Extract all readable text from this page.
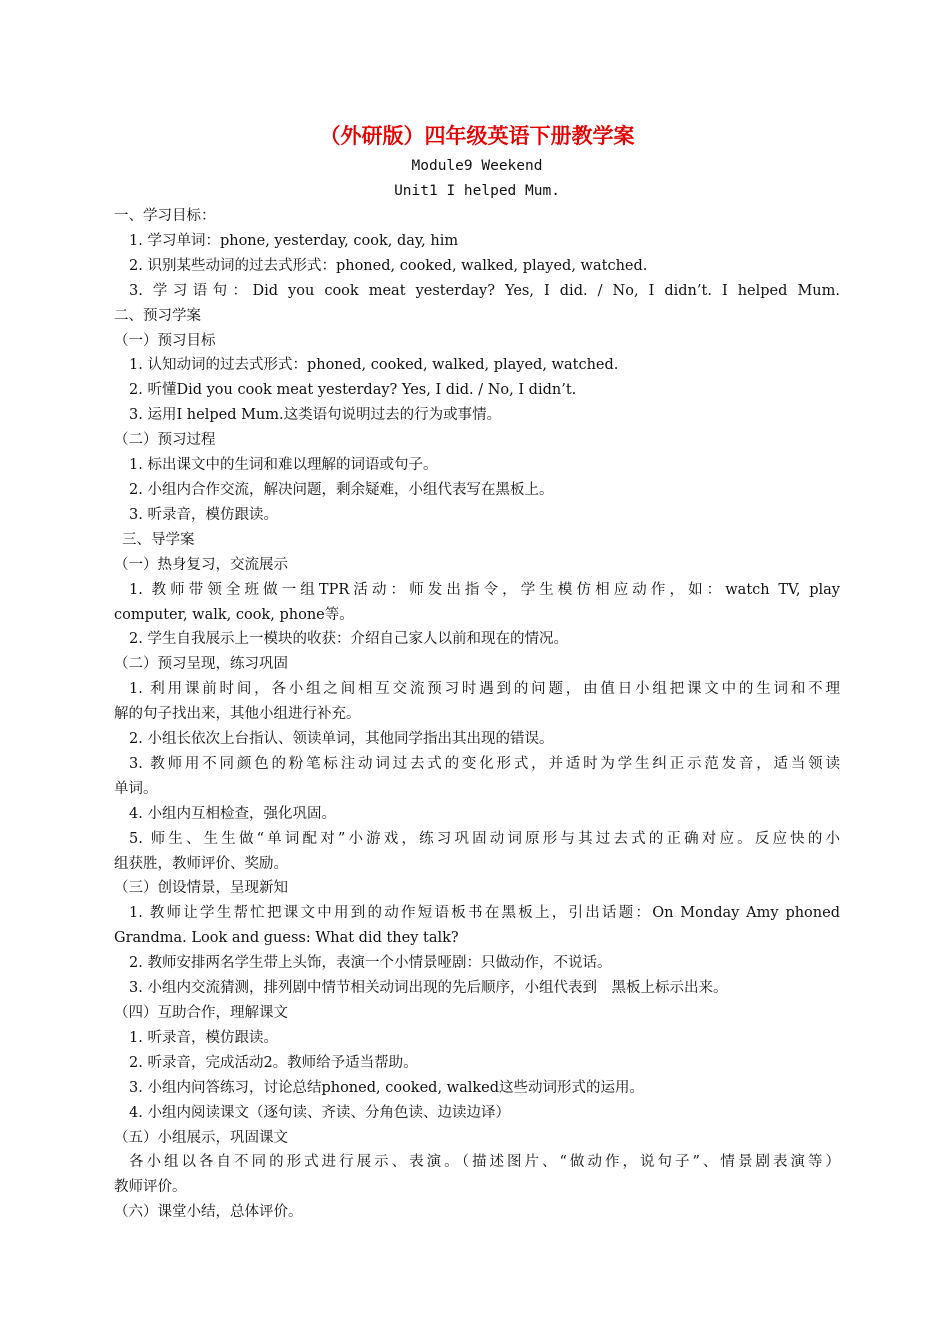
（外研版）四年级英语下册教学案
Module9 Weekend
Unit1 I helped Mum.
一、学习目标：
1. 学习单词：phone, yesterday, cook, day, him
2. 识别某些动词的过去式形式：phoned, cooked, walked, played, watched.
3. 学习语句：Did you cook meat yesterday? Yes, I did. / No, I didn’t. I helped Mum.
二、预习学案
（一）预习目标
1. 认知动词的过去式形式：phoned, cooked, walked, played, watched.
2. 听懂Did you cook meat yesterday? Yes, I did. / No, I didn’t.
3. 运用I helped Mum.这类语句说明过去的行为或事情。
（二）预习过程
1. 标出课文中的生词和难以理解的词语或句子。
2. 小组内合作交流，解决问题，剩余疑难，小组代表写在黑板上。
3. 听录音，模仿跟读。
三、导学案
（一）热身复习，交流展示
1. 教师带领全班做一组TPR活动：师发出指令，学生模仿相应动作，如：watch TV, play
computer, walk, cook, phone等。
2. 学生自我展示上一模块的收获：介绍自己家人以前和现在的情况。
（二）预习呈现，练习巩固
1. 利用课前时间，各小组之间相互交流预习时遇到的问题，由值日小组把课文中的生词和不理
解的句子找出来，其他小组进行补充。
2. 小组长依次上台指认、领读单词，其他同学指出其出现的错误。
3. 教师用不同颜色的粉笔标注动词过去式的变化形式，并适时为学生纠正示范发音，适当领读
单词。
4. 小组内互相检查，强化巩固。
5. 师生、生生做“单词配对”小游戏，练习巩固动词原形与其过去式的正确对应。反应快的小
组获胜，教师评价、奖励。
（三）创设情景，呈现新知
1. 教师让学生帮忙把课文中用到的动作短语板书在黑板上，引出话题：On Monday Amy phoned
Grandma. Look and guess: What did they talk?
2. 教师安排两名学生带上头饰，表演一个小情景哑剧：只做动作，不说话。
3. 小组内交流猜测，排列剧中情节相关动词出现的先后顺序，小组代表到　黑板上标示出来。
（四）互助合作，理解课文
1. 听录音，模仿跟读。
2. 听录音，完成活动2。教师给予适当帮助。
3. 小组内问答练习，讨论总结phoned, cooked, walked这些动词形式的运用。
4. 小组内阅读课文（逐句读、齐读、分角色读、边读边译）
（五）小组展示，巩固课文
各小组以各自不同的形式进行展示、表演。（描述图片、“做动作，说句子”、情景剧表演等）
教师评价。
（六）课堂小结，总体评价。
